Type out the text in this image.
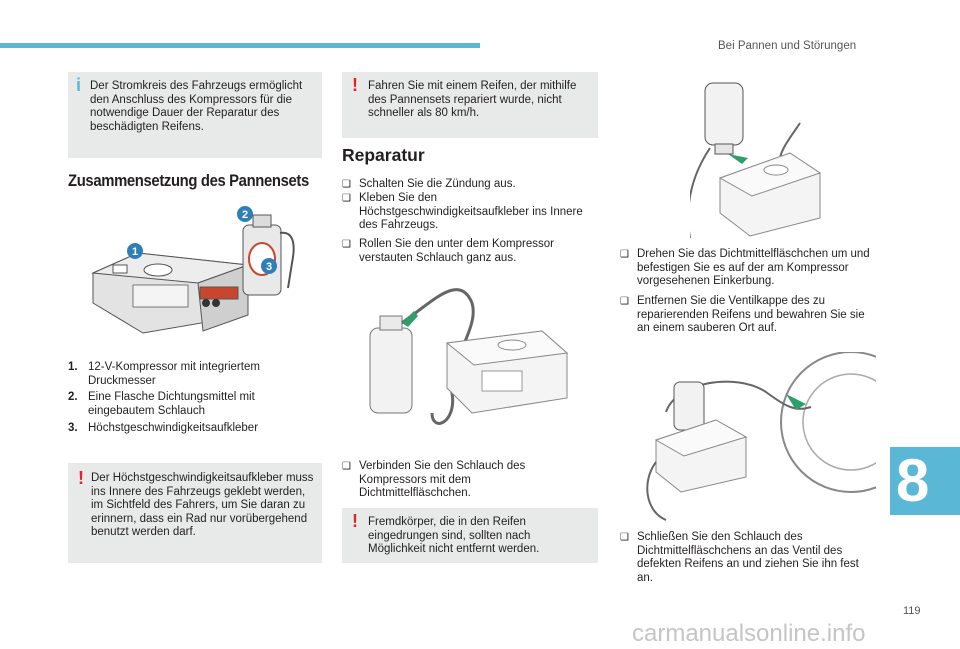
Bei Pannen und Störungen
8
119
carmanualsonline.info
i Der Stromkreis des Fahrzeugs ermöglicht den Anschluss des Kompressors für die notwendige Dauer der Reparatur des beschädigten Reifens.
Zusammensetzung des Pannensets
1
2
3
1. 12-V-Kompressor mit integriertem Druckmesser
2. Eine Flasche Dichtungsmittel mit eingebautem Schlauch
3. Höchstgeschwindigkeitsaufkleber
! Der Höchstgeschwindigkeitsaufkleber muss ins Innere des Fahrzeugs geklebt werden, im Sichtfeld des Fahrers, um Sie daran zu erinnern, dass ein Rad nur vorübergehend benutzt werden darf.
! Fahren Sie mit einem Reifen, der mithilfe des Pannensets repariert wurde, nicht schneller als 80 km/h.
Reparatur
❑ Schalten Sie die Zündung aus.
❑ Kleben Sie den Höchstgeschwindigkeitsaufkleber ins Innere des Fahrzeugs.
❑ Rollen Sie den unter dem Kompressor verstauten Schlauch ganz aus.
❑ Verbinden Sie den Schlauch des Kompressors mit dem Dichtmittelfläschchen.
! Fremdkörper, die in den Reifen eingedrungen sind, sollten nach Möglichkeit nicht entfernt werden.
❑ Drehen Sie das Dichtmittelfläschchen um und befestigen Sie es auf der am Kompressor vorgesehenen Einkerbung.
❑ Entfernen Sie die Ventilkappe des zu reparierenden Reifens und bewahren Sie sie an einem sauberen Ort auf.
❑ Schließen Sie den Schlauch des Dichtmittelfläschchens an das Ventil des defekten Reifens an und ziehen Sie ihn fest an.
